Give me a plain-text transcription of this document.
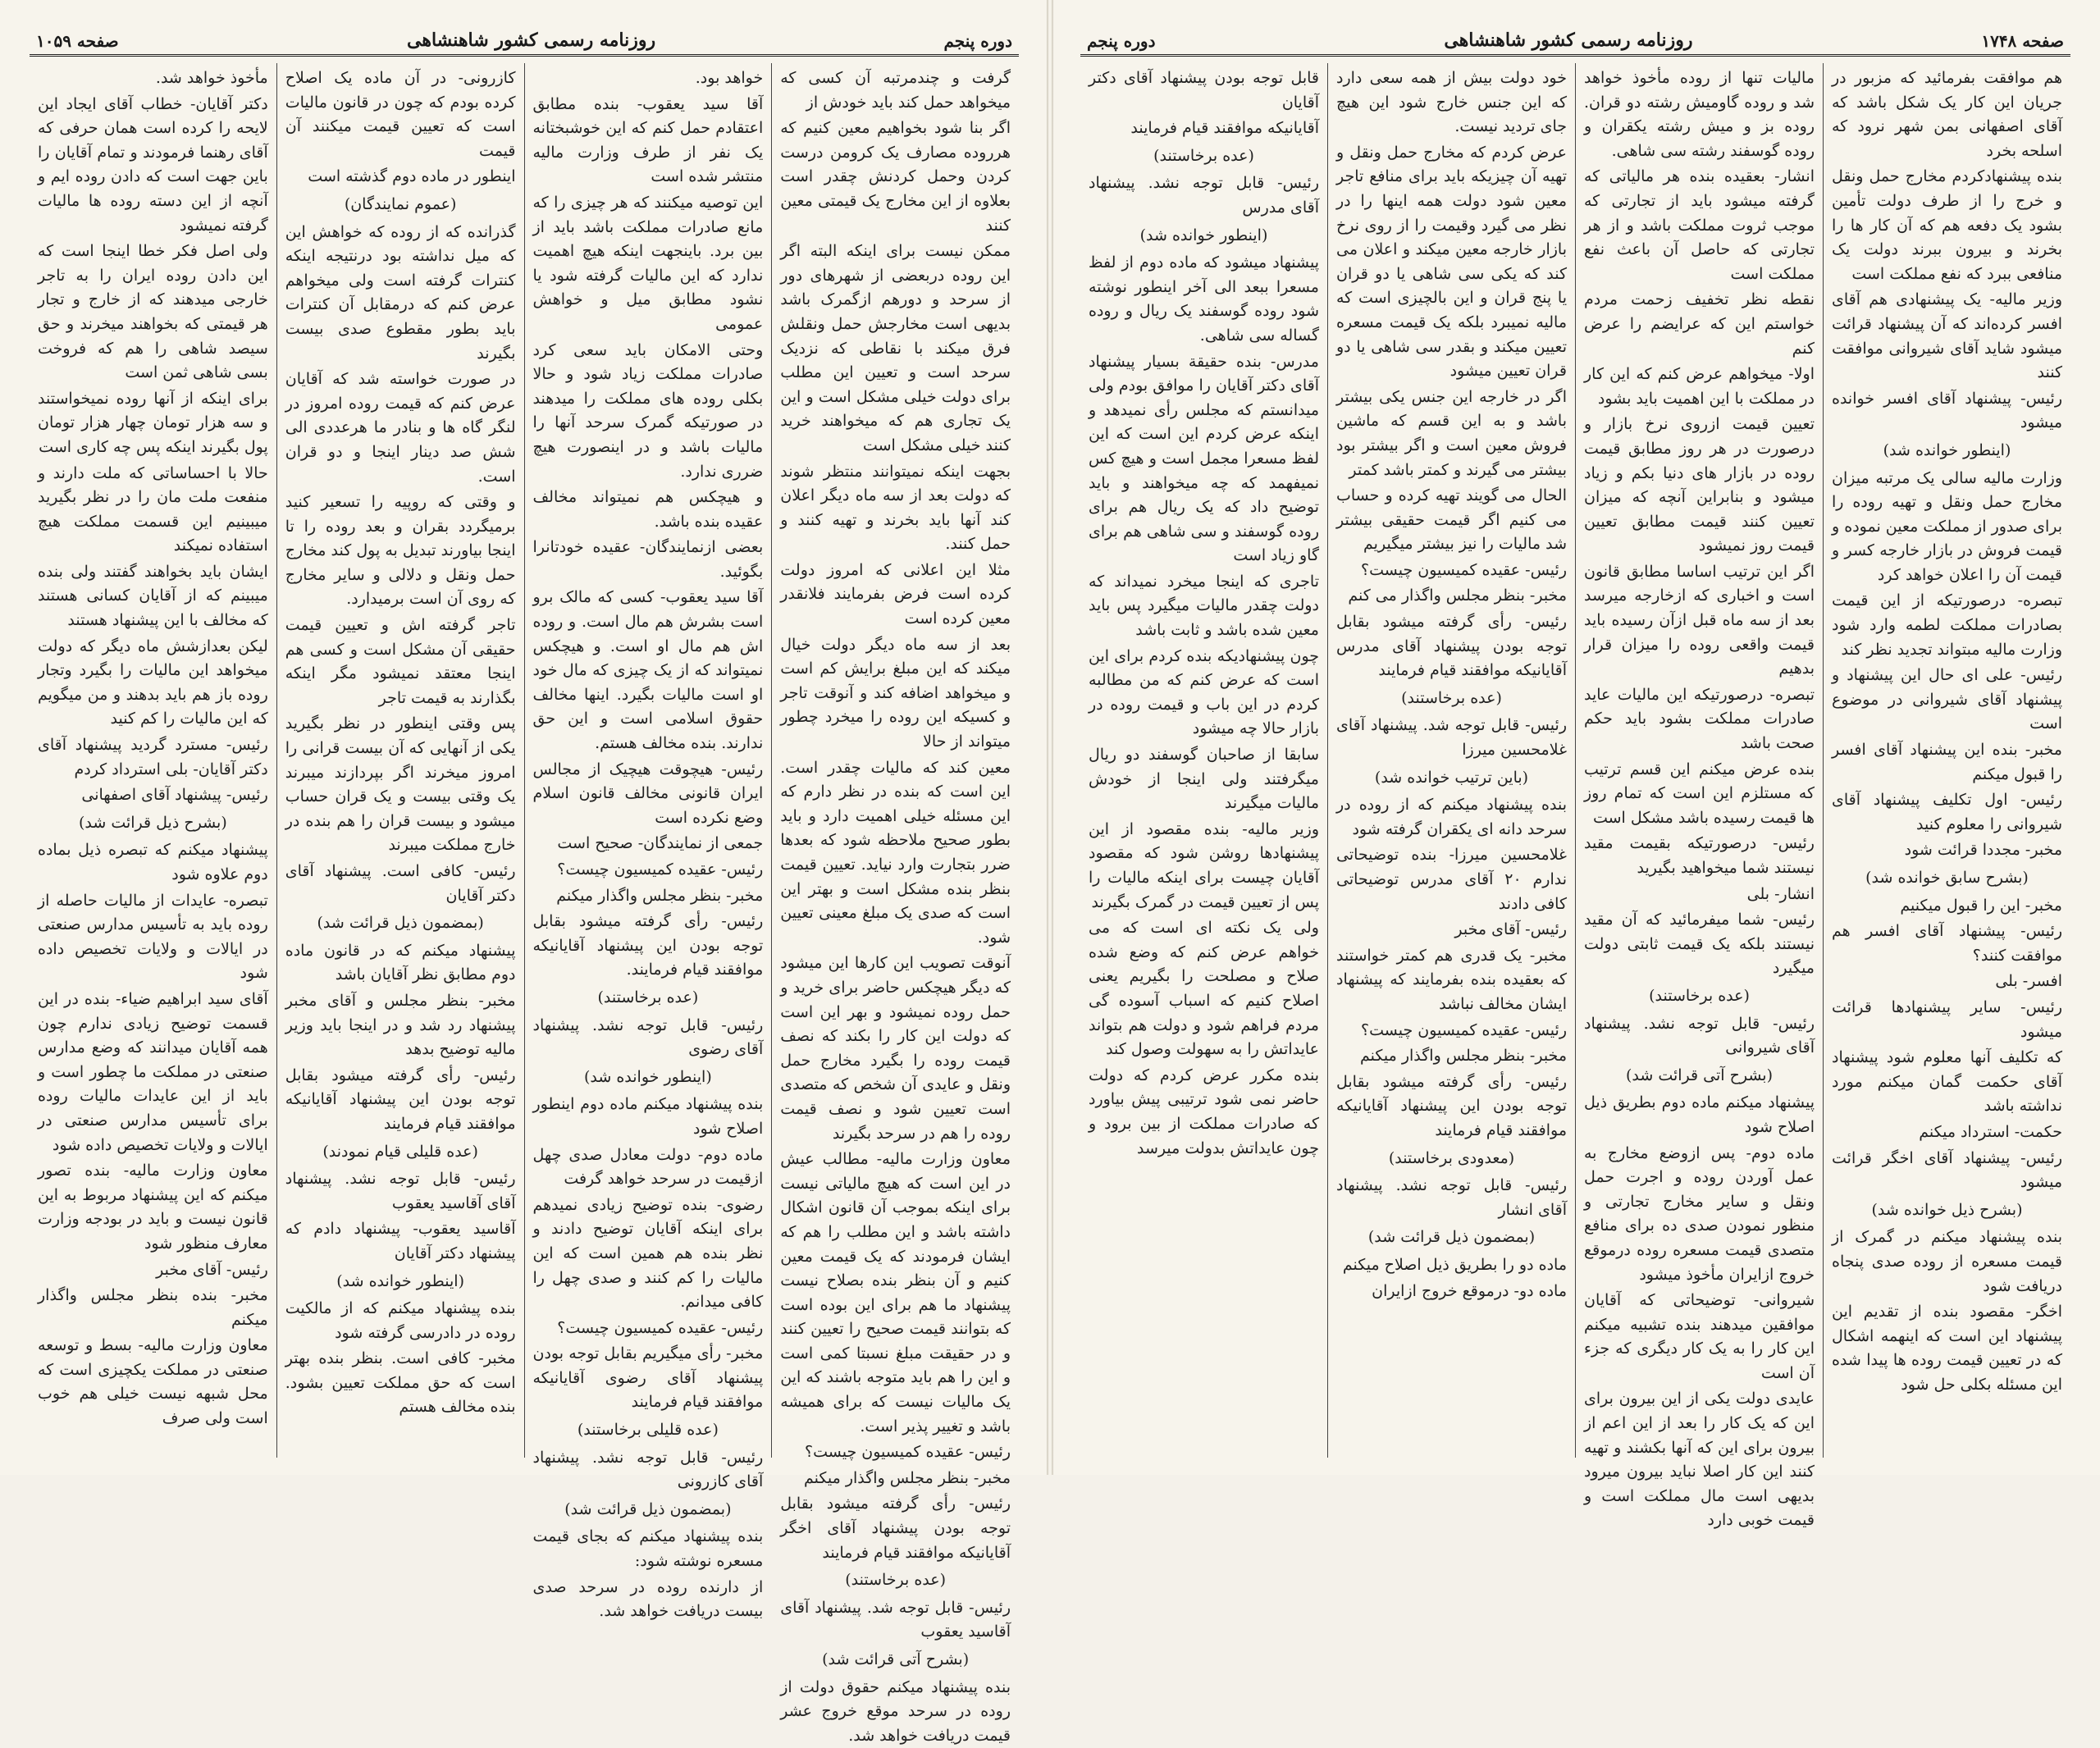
دوره پنجم
روزنامه رسمی کشور شاهنشاهی
صفحه ۱۰۵۹

گرفت و چندمرتبه آن کسی که میخواهد حمل کند باید خودش از

اگر بنا شود بخواهیم معین کنیم که هرروده مصارف یک کرومن درست کردن وحمل کردنش چقدر است بعلاوه از این مخارج یک قیمتی معین کنند

ممکن نیست برای اینکه البته اگر این روده دربعضی از شهرهای دور از سرحد و دورهم ازگمرک باشد بدیهی است مخارجش حمل ونقلش فرق میکند با نقاطی که نزدیک سرحد است و تعیین این مطلب برای دولت خیلی مشکل است و این یک تجاری هم که میخواهند خرید کنند خیلی مشکل است

بجهت اینکه نمیتوانند منتظر شوند که دولت بعد از سه ماه دیگر اعلان کند آنها باید بخرند و تهیه کنند و حمل کنند.

مثلا این اعلانی که امروز دولت کرده است فرض بفرمایند فلانقدر معین کرده است

بعد از سه ماه دیگر دولت خیال میکند که این مبلغ برایش کم است و میخواهد اضافه کند و آنوقت تاجر و کسیکه این روده را میخرد چطور میتواند از حالا

معین کند که مالیات چقدر است. این است که بنده در نظر دارم که این مسئله خیلی اهمیت دارد و باید بطور صحیح ملاحظه شود که بعدها ضرر بتجارت وارد نیاید. تعیین قیمت بنظر بنده مشکل است و بهتر این است که صدی یک مبلغ معینی تعیین شود.

آنوقت تصویب این کارها این میشود که دیگر هیچکس حاضر برای خرید و حمل روده نمیشود و بهر این است که دولت این کار را بکند که نصف قیمت روده را بگیرد مخارج حمل ونقل و عایدی آن شخص که متصدی است تعیین شود و نصف قیمت روده را هم در سرحد بگیرند

معاون وزارت مالیه- مطالب عیش در این است که هیچ مالیاتی نیست برای اینکه بموجب آن قانون اشکال داشته باشد و این مطلب را هم که ایشان فرمودند که یک قیمت معین کنیم و آن بنظر بنده بصلاح نیست پیشنهاد ما هم برای این بوده است که بتوانند قیمت صحیح را تعیین کنند و در حقیقت مبلغ نسبتا کمی است و این را هم باید متوجه باشند که این یک مالیات نیست که برای همیشه باشد و تغییر پذیر است.

رئیس- عقیده کمیسیون چیست؟

مخبر- بنظر مجلس واگذار میکنم

رئیس- رأی گرفته میشود بقابل توجه بودن پیشنهاد آقای اخگر آقایانیکه موافقند قیام فرمایند

(عده برخاستند)

رئیس- قابل توجه شد. پیشنهاد آقای آقاسید یعقوب

(بشرح آتی قرائت شد)

بنده پیشنهاد میکنم حقوق دولت از روده در سرحد موقع خروج عشر قیمت دریافت خواهد شد.

خواهد بود.

آقا سید یعقوب- بنده مطابق اعتقادم حمل کنم که این خوشبختانه یک نفر از طرف وزارت مالیه منتشر شده است

این توصیه میکنند که هر چیزی را که مانع صادرات مملکت باشد باید از بین برد. باینجهت اینکه هیچ اهمیت ندارد که این مالیات گرفته شود یا نشود مطابق میل و خواهش عمومی

وحتی الامکان باید سعی کرد صادرات مملکت زیاد شود و حالا بکلی روده های مملکت را میدهند در صورتیکه گمرک سرحد آنها را مالیات باشد و در اینصورت هیچ ضرری ندارد.

و هیچکس هم نمیتواند مخالف عقیده بنده باشد.

بعضی ازنمایندگان- عقیده خودتانرا بگوئید.

آقا سید یعقوب- کسی که مالک برو است بشرش هم مال است. و روده اش هم مال او است. و هیچکس نمیتواند که از یک چیزی که مال خود او است مالیات بگیرد. اینها مخالف حقوق اسلامی است و این حق ندارند. بنده مخالف هستم.

رئیس- هیچوقت هیچیک از مجالس ایران قانونی مخالف قانون اسلام وضع نکرده است

جمعی از نمایندگان- صحیح است

رئیس- عقیده کمیسیون چیست؟

مخبر- بنظر مجلس واگذار میکنم

رئیس- رأی گرفته میشود بقابل توجه بودن این پیشنهاد آقایانیکه موافقند قیام فرمایند.

(عده برخاستند)

رئیس- قابل توجه نشد. پیشنهاد آقای رضوی

(اینطور خوانده شد)

بنده پیشنهاد میکنم ماده دوم اینطور اصلاح شود

ماده دوم- دولت معادل صدی چهل ازقیمت در سرحد خواهد گرفت

رضوی- بنده توضیح زیادی نمیدهم برای اینکه آقایان توضیح دادند و نظر بنده هم همین است که این مالیات را کم کنند و صدی چهل را کافی میدانم.

رئیس- عقیده کمیسیون چیست؟

مخبر- رأی میگیریم بقابل توجه بودن پیشنهاد آقای رضوی آقایانیکه موافقند قیام فرمایند

(عده قلیلی برخاستند)

رئیس- قابل توجه نشد. پیشنهاد آقای کازرونی

(بمضمون ذیل قرائت شد)

بنده پیشنهاد میکنم که بجای قیمت مسعره نوشته شود:

از دارنده روده در سرحد صدی بیست دریافت خواهد شد.

کازرونی- در آن ماده یک اصلاح کرده بودم که چون در قانون مالیات است که تعیین قیمت میکنند آن قیمت

اینطور در ماده دوم گذشته است

(عموم نمایندگان)

گذرانده که از روده که خواهش این که میل نداشته بود درنتیجه اینکه کنترات گرفته است ولی میخواهم عرض کنم که درمقابل آن کنترات باید بطور مقطوع صدی بیست بگیرند

در صورت خواسته شد که آقایان عرض کنم که قیمت روده امروز در لنگر گاه ها و بنادر ما هرعددی الی شش صد دینار اینجا و دو قران است.

و وقتی که روپیه را تسعیر کنید برمیگردد بقران و بعد روده را تا اینجا بیاورند تبدیل به پول کند مخارج حمل ونقل و دلالی و سایر مخارج که روی آن است برمیدارد.

تاجر گرفته اش و تعیین قیمت حقیقی آن مشکل است و کسی هم اینجا معتقد نمیشود مگر اینکه بگذارند به قیمت تاجر

پس وقتی اینطور در نظر بگیرید یکی از آنهایی که آن بیست قرانی را امروز میخرند اگر بپردازند میبرند یک وقتی بیست و یک قران حساب میشود و بیست قران را هم بنده در خارج مملکت میبرند

رئیس- کافی است. پیشنهاد آقای دکتر آقایان

(بمضمون ذیل قرائت شد)

پیشنهاد میکنم که در قانون ماده دوم مطابق نظر آقایان باشد

مخبر- بنظر مجلس و آقای مخبر پیشنهاد رد شد و در اینجا باید وزیر مالیه توضیح بدهد

رئیس- رأی گرفته میشود بقابل توجه بودن این پیشنهاد آقایانیکه موافقند قیام فرمایند

(عده قلیلی قیام نمودند)

رئیس- قابل توجه نشد. پیشنهاد آقای آقاسید یعقوب

آقاسید یعقوب- پیشنهاد دادم که پیشنهاد دکتر آقایان

(اینطور خوانده شد)

بنده پیشنهاد میکنم که از مالکیت روده در دادرسی گرفته شود

مخبر- کافی است. بنظر بنده بهتر است که حق مملکت تعیین بشود. بنده مخالف هستم

مأخوذ خواهد شد.

دکتر آقایان- خطاب آقای ایجاد این لایحه را کرده است همان حرفی که آقای رهنما فرمودند و تمام آقایان را باین جهت است که دادن روده ایم و آنچه از این دسته روده ها مالیات گرفته نمیشود

ولی اصل فکر خطا اینجا است که این دادن روده ایران را به تاجر خارجی میدهند که از خارج و تجار هر قیمتی که بخواهند میخرند و حق سیصد شاهی را هم که فروخت بسی شاهی ثمن است

برای اینکه از آنها روده نمیخواستند و سه هزار تومان چهار هزار تومان پول بگیرند اینکه پس چه کاری است

حالا با احساساتی که ملت دارند و منفعت ملت مان را در نظر بگیرید میبینیم این قسمت مملکت هیچ استفاده نمیکند

ایشان باید بخواهند گفتند ولی بنده میبینم که از آقایان کسانی هستند که مخالف با این پیشنهاد هستند

لیکن بعدازشش ماه دیگر که دولت میخواهد این مالیات را بگیرد وتجار روده باز هم باید بدهند و من میگویم که این مالیات را کم کنید

رئیس- مسترد گردید پیشنهاد آقای دکتر آقایان- بلی استرداد کردم

رئیس- پیشنهاد آقای اصفهانی

(بشرح ذیل قرائت شد)

پیشنهاد میکنم که تبصره ذیل بماده دوم علاوه شود

تبصره- عایدات از مالیات حاصله از روده باید به تأسیس مدارس صنعتی در ایالات و ولایات تخصیص داده شود

آقای سید ابراهیم ضیاء- بنده در این قسمت توضیح زیادی ندارم چون همه آقایان میدانند که وضع مدارس صنعتی در مملکت ما چطور است و باید از این عایدات مالیات روده برای تأسیس مدارس صنعتی در ایالات و ولایات تخصیص داده شود

معاون وزارت مالیه- بنده تصور میکنم که این پیشنهاد مربوط به این قانون نیست و باید در بودجه وزارت معارف منظور شود

رئیس- آقای مخبر

مخبر- بنده بنظر مجلس واگذار میکنم

معاون وزارت مالیه- بسط و توسعه صنعتی در مملکت یکچیزی است که محل شبهه نیست خیلی هم خوب است ولی صرف

صفحه ۱۷۴۸
روزنامه رسمی کشور شاهنشاهی
دوره پنجم

هم موافقت بفرمائید که مزبور در جریان این کار یک شکل باشد که آقای اصفهانی بمن شهر نرود که اسلحه بخرد

بنده پیشنهادکردم مخارج حمل ونقل و خرج را از طرف دولت تأمین بشود یک دفعه هم که آن کار ها را بخرند و بیرون ببرند دولت یک منافعی ببرد که نفع مملکت است

وزیر مالیه- یک پیشنهادی هم آقای افسر کرده‌اند که آن پیشنهاد قرائت میشود شاید آقای شیروانی موافقت کنند

رئیس- پیشنهاد آقای افسر خوانده میشود

(اینطور خوانده شد)

وزارت مالیه سالی یک مرتبه میزان مخارج حمل ونقل و تهیه روده را برای صدور از مملکت معین نموده و قیمت فروش در بازار خارجه کسر و قیمت آن را اعلان خواهد کرد

تبصره- درصورتیکه از این قیمت بصادرات مملکت لطمه وارد شود وزارت مالیه مبتواند تجدید نظر کند

رئیس- علی ای حال این پیشنهاد و پیشنهاد آقای شیروانی در موضوع است

مخبر- بنده این پیشنهاد آقای افسر را قبول میکنم

رئیس- اول تکلیف پیشنهاد آقای شیروانی را معلوم کنید

مخبر- مجددا قرائت شود

(بشرح سابق خوانده شد)

مخبر- این را قبول میکنیم

رئیس- پیشنهاد آقای افسر هم موافقت کنند؟

افسر- بلی

رئیس- سایر پیشنهادها قرائت میشود

که تکلیف آنها معلوم شود پیشنهاد آقای حکمت گمان میکنم مورد نداشته باشد

حکمت- استرداد میکنم

رئیس- پیشنهاد آقای اخگر قرائت میشود

(بشرح ذیل خوانده شد)

بنده پیشنهاد میکنم در گمرک از قیمت مسعره از روده صدی پنجاه دریافت شود

اخگر- مقصود بنده از تقدیم این پیشنهاد این است که اینهمه اشکال که در تعیین قیمت روده ها پیدا شده این مسئله بکلی حل شود

مالیات تنها از روده مأخوذ خواهد شد و روده گاومیش رشته دو قران. روده بز و میش رشته یکقران و روده گوسفند رشته سی شاهی.

انشار- بعقیده بنده هر مالیاتی که گرفته میشود باید از تجارتی که موجب ثروت مملکت باشد و از هر تجارتی که حاصل آن باعث نفع مملکت است

نقطه نظر تخفیف زحمت مردم خواستم این که عرایضم را عرض کنم

اولا- میخواهم عرض کنم که این کار در مملکت با این اهمیت باید بشود

تعیین قیمت ازروی نرخ بازار و درصورت در هر روز مطابق قیمت روده در بازار های دنیا بکم و زیاد میشود و بنابراین آنچه که میزان تعیین کنند قیمت مطابق تعیین قیمت روز نمیشود

اگر این ترتیب اساسا مطابق قانون است و اخباری که ازخارجه میرسد بعد از سه ماه قبل ازآن رسیده باید قیمت واقعی روده را میزان قرار بدهیم

تبصره- درصورتیکه این مالیات عاید صادرات مملکت بشود باید حکم صحت باشد

بنده عرض میکنم این قسم ترتیب که مستلزم این است که تمام روز ها قیمت رسیده باشد مشکل است

رئیس- درصورتیکه بقیمت مقید نیستند شما میخواهید بگیرید

انشار- بلی

رئیس- شما میفرمائید که آن مقید نیستند بلکه یک قیمت ثابتی دولت میگیرد

(عده برخاستند)

رئیس- قابل توجه نشد. پیشنهاد آقای شیروانی

(بشرح آتی قرائت شد)

پیشنهاد میکنم ماده دوم بطریق ذیل اصلاح شود

ماده دوم- پس ازوضع مخارج به عمل آوردن روده و اجرت حمل ونقل و سایر مخارج تجارتی و منظور نمودن صدی ده برای منافع متصدی قیمت مسعره روده درموقع خروج ازایران مأخوذ میشود

شیروانی- توضیحاتی که آقایان موافقین میدهند بنده تشبیه میکنم این کار را به یک کار دیگری که جزء آن است

عایدی دولت یکی از این بیرون برای این که یک کار را بعد از این اعم از بیرون برای این که آنها بکشند و تهیه کنند این کار اصلا نباید بیرون میرود بدیهی است مال مملکت است و قیمت خوبی دارد

خود دولت بیش از همه سعی دارد که این جنس خارج شود این هیچ جای تردید نیست.

عرض کردم که مخارج حمل ونقل و تهیه آن چیزیکه باید برای منافع تاجر معین شود دولت همه اینها را در نظر می گیرد وقیمت را از روی نرخ بازار خارجه معین میکند و اعلان می کند که یکی سی شاهی یا دو قران یا پنج قران و این بالچیزی است که مالیه نمیبرد بلکه یک قیمت مسعره تعیین میکند و بقدر سی شاهی یا دو قران تعیین میشود

اگر در خارجه این جنس یکی بیشتر باشد و به این قسم که ماشین فروش معین است و اگر بیشتر بود بیشتر می گیرند و کمتر باشد کمتر

الحال می گویند تهیه کرده و حساب می کنیم اگر قیمت حقیقی بیشتر شد مالیات را نیز بیشتر میگیریم

رئیس- عقیده کمیسیون چیست؟

مخبر- بنظر مجلس واگذار می کنم

رئیس- رأی گرفته میشود بقابل توجه بودن پیشنهاد آقای مدرس آقایانیکه موافقند قیام فرمایند

(عده برخاستند)

رئیس- قابل توجه شد. پیشنهاد آقای غلامحسین میرزا

(باین ترتیب خوانده شد)

بنده پیشنهاد میکنم که از روده در سرحد دانه ای یکقران گرفته شود

غلامحسین میرزا- بنده توضیحاتی ندارم ۲۰ آقای مدرس توضیحاتی کافی دادند

رئیس- آقای مخبر

مخبر- یک قدری هم کمتر خواستند که بعقیده بنده بفرمایند که پیشنهاد ایشان مخالف نباشد

رئیس- عقیده کمیسیون چیست؟

مخبر- بنظر مجلس واگذار میکنم

رئیس- رأی گرفته میشود بقابل توجه بودن این پیشنهاد آقایانیکه موافقند قیام فرمایند

(معدودی برخاستند)

رئیس- قابل توجه نشد. پیشنهاد آقای انشار

(بمضمون ذیل قرائت شد)

ماده دو را بطریق ذیل اصلاح میکنم

ماده دو- درموقع خروج ازایران

قابل توجه بودن پیشنهاد آقای دکتر آقایان

آقایانیکه موافقند قیام فرمایند

(عده برخاستند)

رئیس- قابل توجه نشد. پیشنهاد آقای مدرس

(اینطور خوانده شد)

پیشنهاد میشود که ماده دوم از لفظ مسعرا ببعد الی آخر اینطور نوشته شود روده گوسفند یک ریال و روده گساله سی شاهی.

مدرس- بنده حقیقة بسیار پیشنهاد آقای دکتر آقایان را موافق بودم ولی میدانستم که مجلس رأی نمیدهد و اینکه عرض کردم این است که این لفظ مسعرا مجمل است و هیچ کس نمیفهمد که چه میخواهند و باید توضیح داد که یک ریال هم برای روده گوسفند و سی شاهی هم برای گاو زیاد است

تاجری که اینجا میخرد نمیداند که دولت چقدر مالیات میگیرد پس باید معین شده باشد و ثابت باشد

چون پیشنهادیکه بنده کردم برای این است که عرض کنم که من مطالبه کردم در این باب و قیمت روده در بازار حالا چه میشود

سابقا از صاحبان گوسفند دو ریال میگرفتند ولی اینجا از خودش مالیات میگیرند

وزیر مالیه- بنده مقصود از این پیشنهادها روشن شود که مقصود آقایان چیست برای اینکه مالیات را پس از تعیین قیمت در گمرک بگیرند

ولی یک نکته ای است که می خواهم عرض کنم که وضع شده صلاح و مصلحت را بگیریم یعنی اصلاح کنیم که اسباب آسوده گی مردم فراهم شود و دولت هم بتواند عایداتش را به سهولت وصول کند

بنده مکرر عرض کردم که دولت حاضر نمی شود ترتیبی پیش بیاورد که صادرات مملکت از بین برود و چون عایداتش بدولت میرسد
